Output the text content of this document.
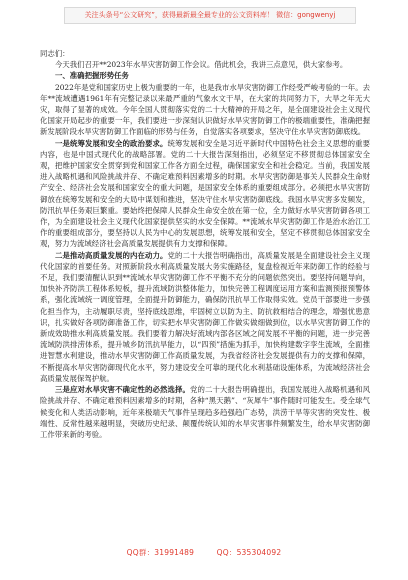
关注头条号“公文研究”，获得最新最全最专业的公文资料库！ 微信：gongwenyj

同志们：

今天我们召开**2023年水旱灾害防御工作会议。借此机会，我讲三点意见，供大家参考。

一、准确把握形势任务

2022年是党和国家历史上极为重要的一年，也是我市水旱灾害防御工作经受严峻考验的一年。去年**流域遭遇1961年有完整记录以来最严重的气象水文干旱，在大家的共同努力下，大旱之年无大灾，取得了显著的成效。今年全国人贯彻落实党的二十大精神的开局之年，是全面建设社会主义现代化国家开局起步的重要一年，我们要进一步深刻认识做好水旱灾害防御工作的极端重要性，准确把握新发展阶段水旱灾害防御工作面临的形势与任务，自觉落实各项要求，坚决守住水旱灾害防御底线。

一是统筹发展和安全的政治要求。统筹发展和安全是习近平新时代中国特色社会主义思想的重要内容，也是中国式现代化的战略部署。党的二十大报告深刻指出，必须坚定不移贯彻总体国家安全观，把维护国家安全贯穿到党和国家工作各方面全过程，确保国家安全和社会稳定。当前，我国发展进入战略机遇和风险挑战并存、不确定难预料因素增多的时期。水旱灾害防御是事关人民群众生命财产安全、经济社会发展和国家安全的重大问题，是国家安全体系的重要组成部分。必须把水旱灾害防御放在统筹发展和安全的大局中谋划和推进，坚决守住水旱灾害防御底线。我国水旱灾害多发频发，防汛抗旱任务艰巨繁重。要始终把保障人民群众生命安全放在第一位，全力做好水旱灾害防御各项工作，为全面建设社会主义现代化国家提供坚实的水安全保障。**流域水旱灾害防御工作是治水治江工作的重要组成部分，要坚持以人民为中心的发展思想，统筹发展和安全，坚定不移贯彻总体国家安全观，努力为流域经济社会高质量发展提供有力支撑和保障。

二是推动高质量发展的内在动力。党的二十大报告明确指出，高质量发展是全面建设社会主义现代化国家的首要任务。对照新阶段水利高质量发展大务实施路径，复盘检视近年来防御工作的经验与不足，我们要清醒认识到**流域水旱灾害防御工作不平衡不充分的问题依然突出。要坚持问题导向，加快补齐防洪工程体系短板，提升流域防洪整体能力，加快完善工程调度运用方案和监测预报预警体系，强化流域统一调度管理，全面提升防御能力，确保防汛抗旱工作取得实效。党员干部要进一步强化担当作为，主动履职尽责，坚持底线思维，牢固树立以防为主、防抗救相结合的理念，增强忧患意识，扎实做好各项防御准备工作，切实把水旱灾害防御工作做实做细做到位，以水旱灾害防御工作的新成效助推水利高质量发展。我们要着力解决好流域内部各区域之间发展不平衡的问题，进一步完善流域防洪排涝体系，提升城乡防汛抗旱能力，以“四预”措施为抓手，加快构建数字孪生流域，全面推进智慧水利建设，推动水旱灾害防御工作高质量发展，为我省经济社会发展提供有力的支撑和保障，不断提高水旱灾害防御现代化水平，努力建设安全可靠的现代化水利基础设施体系，为流域经济社会高质量发展保驾护航。

三是应对水旱灾害不确定性的必然选择。党的二十大报告明确提出，我国发展进入战略机遇和风险挑战并存、不确定难预料因素增多的时期，各种“黑天鹅”、“灰犀牛”事件随时可能发生。受全球气候变化和人类活动影响，近年来极端天气事件呈现趋多趋强趋广态势，洪涝干旱等灾害的突发性、极端性、反常性越来越明显，突破历史纪录、颠覆传统认知的水旱灾害事件频繁发生，给水旱灾害防御工作带来新的考验。

QQ群：31991489	QQ：535304092
